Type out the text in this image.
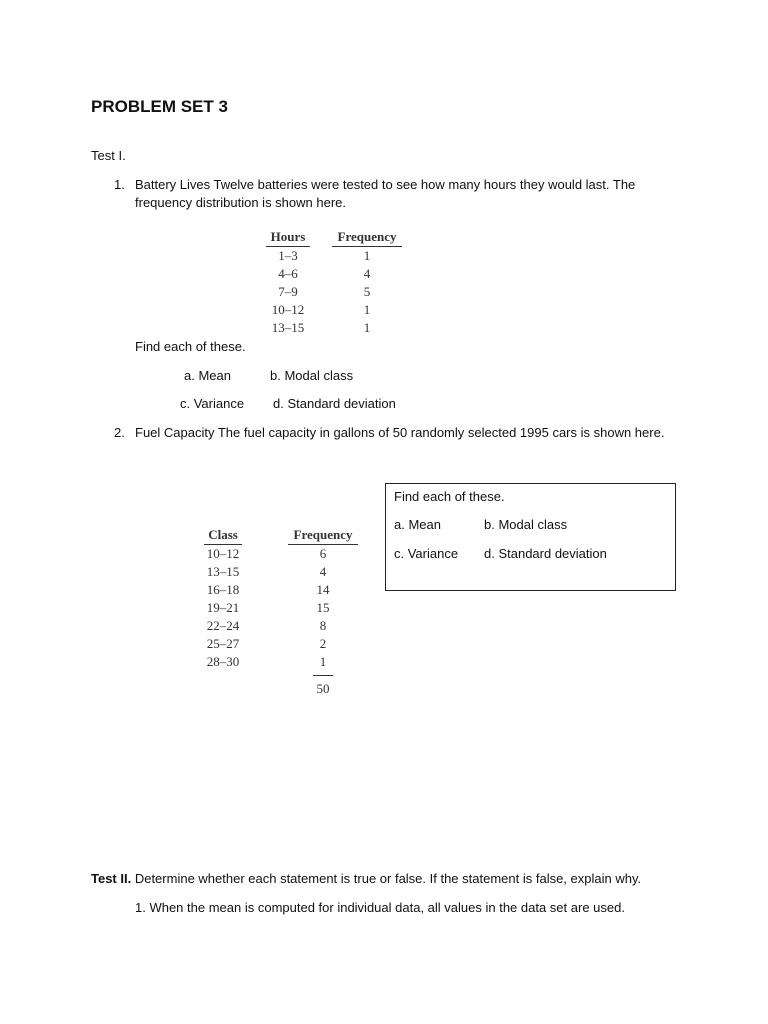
PROBLEM SET 3
Test I.
1. Battery Lives Twelve batteries were tested to see how many hours they would last. The
frequency distribution is shown here.
Hours		Frequency
1–3		1
4–6		4
7–9		5
10–12		1
13–15		1
Find each of these.
a. Mean	b. Modal class
c. Variance d. Standard deviation
2. Fuel Capacity The fuel capacity in gallons of 50 randomly selected 1995 cars is shown here.
Class		Frequency
10–12		6
13–15		4
16–18		14
19–21		15
22–24		8
25–27		2
28–30		1

		50
Find each of these.
a. Mean	b. Modal class
c. Variance d. Standard deviation
Test II. Determine whether each statement is true or false. If the statement is false, explain why.
1. When the mean is computed for individual data, all values in the data set are used.
